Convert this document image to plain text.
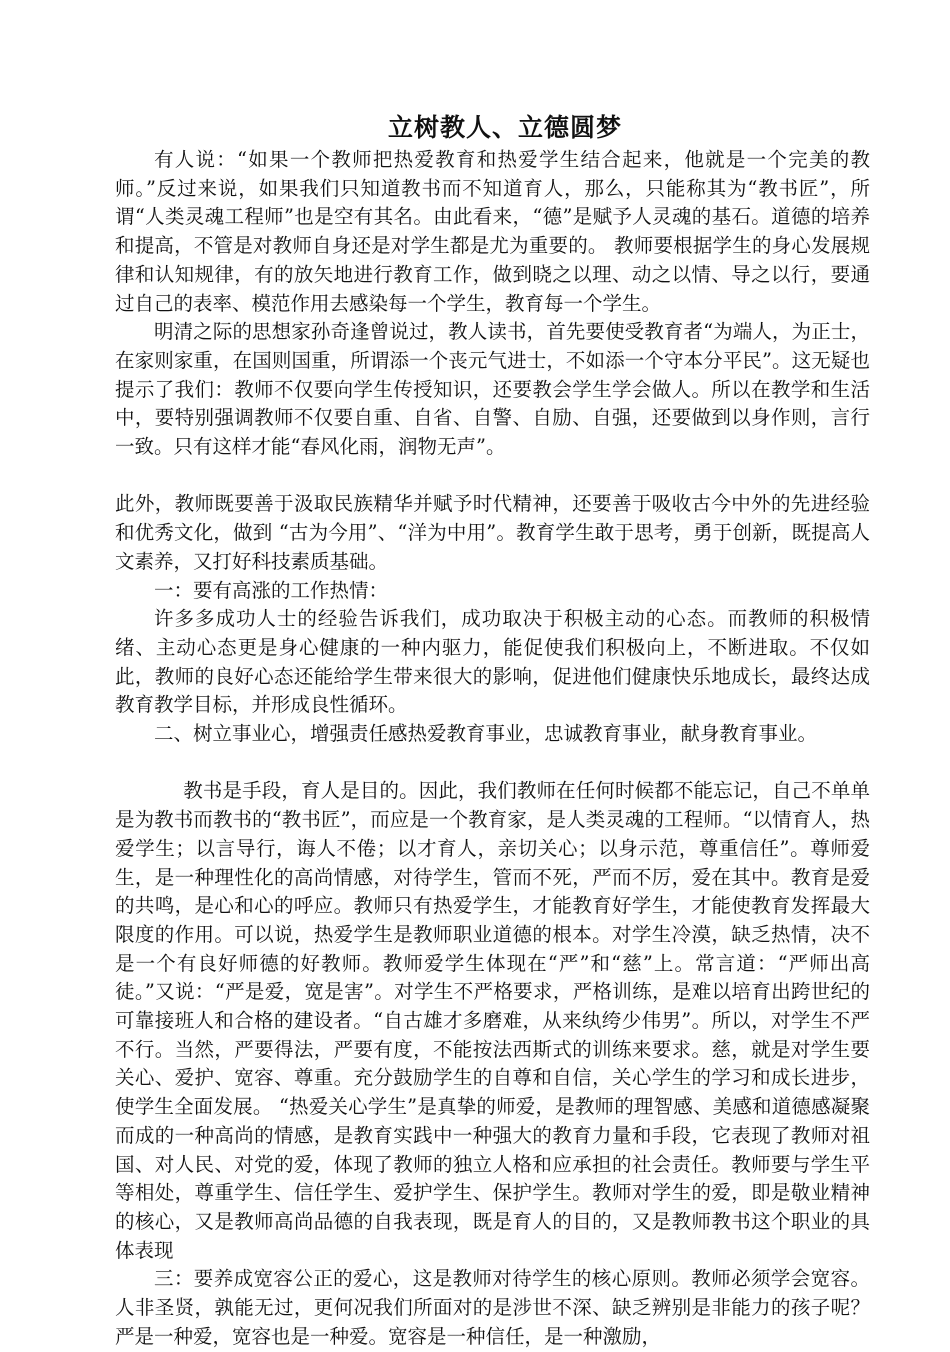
立树教人、立德圆梦

有人说：“如果一个教师把热爱教育和热爱学生结合起来，他就是一个完美的教师。”反过来说，如果我们只知道教书而不知道育人，那么，只能称其为“教书匠”，所谓“人类灵魂工程师”也是空有其名。由此看来，“德”是赋予人灵魂的基石。道德的培养和提高，不管是对教师自身还是对学生都是尤为重要的。 教师要根据学生的身心发展规律和认知规律，有的放矢地进行教育工作，做到晓之以理、动之以情、导之以行，要通过自己的表率、模范作用去感染每一个学生，教育每一个学生。

明清之际的思想家孙奇逢曾说过，教人读书，首先要使受教育者“为端人，为正士，在家则家重，在国则国重，所谓添一个丧元气进士，不如添一个守本分平民”。这无疑也提示了我们：教师不仅要向学生传授知识，还要教会学生学会做人。所以在教学和生活中，要特别强调教师不仅要自重、自省、自警、自励、自强，还要做到以身作则，言行一致。只有这样才能“春风化雨，润物无声”。

此外，教师既要善于汲取民族精华并赋予时代精神，还要善于吸收古今中外的先进经验和优秀文化，做到 “古为今用”、“洋为中用”。教育学生敢于思考，勇于创新，既提高人文素养，又打好科技素质基础。

一：要有高涨的工作热情：

许多多成功人士的经验告诉我们，成功取决于积极主动的心态。而教师的积极情绪、主动心态更是身心健康的一种内驱力，能促使我们积极向上，不断进取。不仅如此，教师的良好心态还能给学生带来很大的影响，促进他们健康快乐地成长，最终达成教育教学目标，并形成良性循环。

二、树立事业心，增强责任感热爱教育事业，忠诚教育事业，献身教育事业。

教书是手段，育人是目的。因此，我们教师在任何时候都不能忘记，自己不单单是为教书而教书的“教书匠”，而应是一个教育家，是人类灵魂的工程师。“以情育人，热爱学生；以言导行，诲人不倦；以才育人，亲切关心；以身示范，尊重信任”。尊师爱生，是一种理性化的高尚情感，对待学生，管而不死，严而不厉，爱在其中。教育是爱的共鸣，是心和心的呼应。教师只有热爱学生，才能教育好学生，才能使教育发挥最大限度的作用。可以说，热爱学生是教师职业道德的根本。对学生冷漠，缺乏热情，决不是一个有良好师德的好教师。教师爱学生体现在“严”和“慈”上。常言道：“严师出高徒。”又说：“严是爱，宽是害”。对学生不严格要求，严格训练，是难以培育出跨世纪的可靠接班人和合格的建设者。“自古雄才多磨难，从来纨绔少伟男”。所以，对学生不严不行。当然，严要得法，严要有度，不能按法西斯式的训练来要求。慈，就是对学生要关心、爱护、宽容、尊重。充分鼓励学生的自尊和自信，关心学生的学习和成长进步，使学生全面发展。 “热爱关心学生”是真挚的师爱，是教师的理智感、美感和道德感凝聚而成的一种高尚的情感，是教育实践中一种强大的教育力量和手段，它表现了教师对祖国、对人民、对党的爱，体现了教师的独立人格和应承担的社会责任。教师要与学生平等相处，尊重学生、信任学生、爱护学生、保护学生。教师对学生的爱，即是敬业精神的核心，又是教师高尚品德的自我表现，既是育人的目的，又是教师教书这个职业的具体表现

三：要养成宽容公正的爱心，这是教师对待学生的核心原则。教师必须学会宽容。人非圣贤，孰能无过，更何况我们所面对的是涉世不深、缺乏辨别是非能力的孩子呢？严是一种爱，宽容也是一种爱。宽容是一种信任，是一种激励，
